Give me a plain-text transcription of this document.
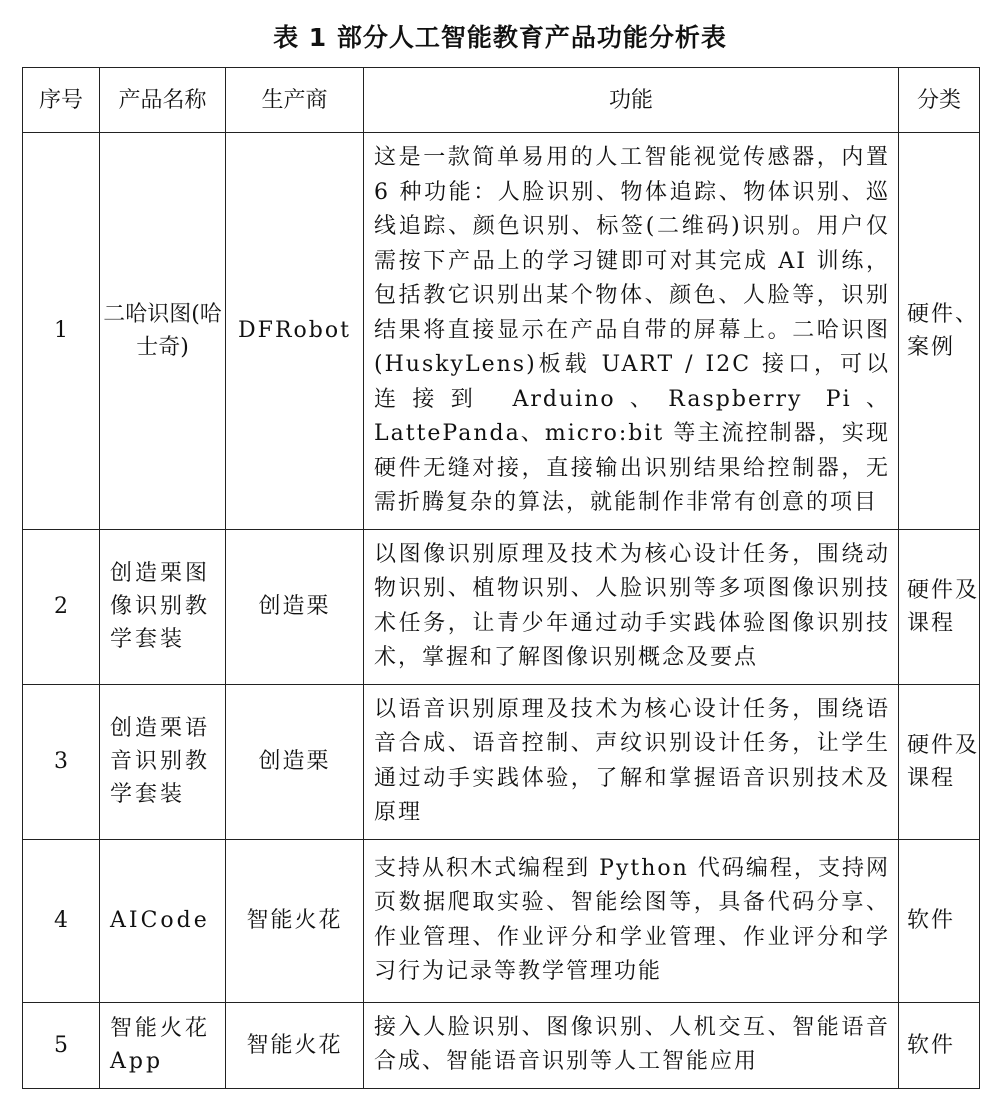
表 1 部分人工智能教育产品功能分析表
序号	产品名称	生产商	功能	分类
1	二哈识图(哈士奇)	DFRobot	这是一款简单易用的人工智能视觉传感器，内置 6 种功能：人脸识别、物体追踪、物体识别、巡线追踪、颜色识别、标签(二维码)识别。用户仅需按下产品上的学习键即可对其完成 AI 训练，包括教它识别出某个物体、颜色、人脸等，识别结果将直接显示在产品自带的屏幕上。二哈识图(HuskyLens)板载 UART / I2C 接口，可以连接到 Arduino、Raspberry Pi、LattePanda、micro:bit 等主流控制器，实现硬件无缝对接，直接输出识别结果给控制器，无需折腾复杂的算法，就能制作非常有创意的项目	硬件、案例
2	创造栗图像识别教学套装	创造栗	以图像识别原理及技术为核心设计任务，围绕动物识别、植物识别、人脸识别等多项图像识别技术任务，让青少年通过动手实践体验图像识别技术，掌握和了解图像识别概念及要点	硬件及课程
3	创造栗语音识别教学套装	创造栗	以语音识别原理及技术为核心设计任务，围绕语音合成、语音控制、声纹识别设计任务，让学生通过动手实践体验，了解和掌握语音识别技术及原理	硬件及课程
4	AICode	智能火花	支持从积木式编程到 Python 代码编程，支持网页数据爬取实验、智能绘图等，具备代码分享、作业管理、作业评分和学业管理、作业评分和学习行为记录等教学管理功能	软件
5	智能火花App	智能火花	接入人脸识别、图像识别、人机交互、智能语音合成、智能语音识别等人工智能应用	软件
